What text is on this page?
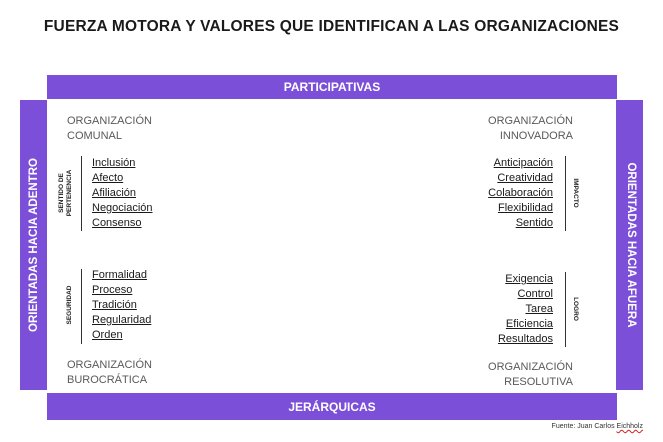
FUERZA MOTORA Y VALORES QUE IDENTIFICAN A LAS ORGANIZACIONES
PARTICIPATIVAS
JERÁRQUICAS
ORIENTADAS HACIA ADENTRO	ORIENTADAS HACIA AFUERA
ORGANIZACIÓN
COMUNAL
SENTIDO DE PERTENENCIA
Inclusión
Afecto
Afiliación
Negociación
Consenso
ORGANIZACIÓN
INNOVADORA
Anticipación
Creatividad
Colaboración
Flexibilidad
Sentido
IMPACTO
SEGURIDAD
Formalidad
Proceso
Tradición
Regularidad
Orden
ORGANIZACIÓN
BUROCRÁTICA
Exigencia
Control
Tarea
Eficiencia
Resultados
LOGRO
ORGANIZACIÓN
RESOLUTIVA
Fuente: Juan Carlos Eichholz
